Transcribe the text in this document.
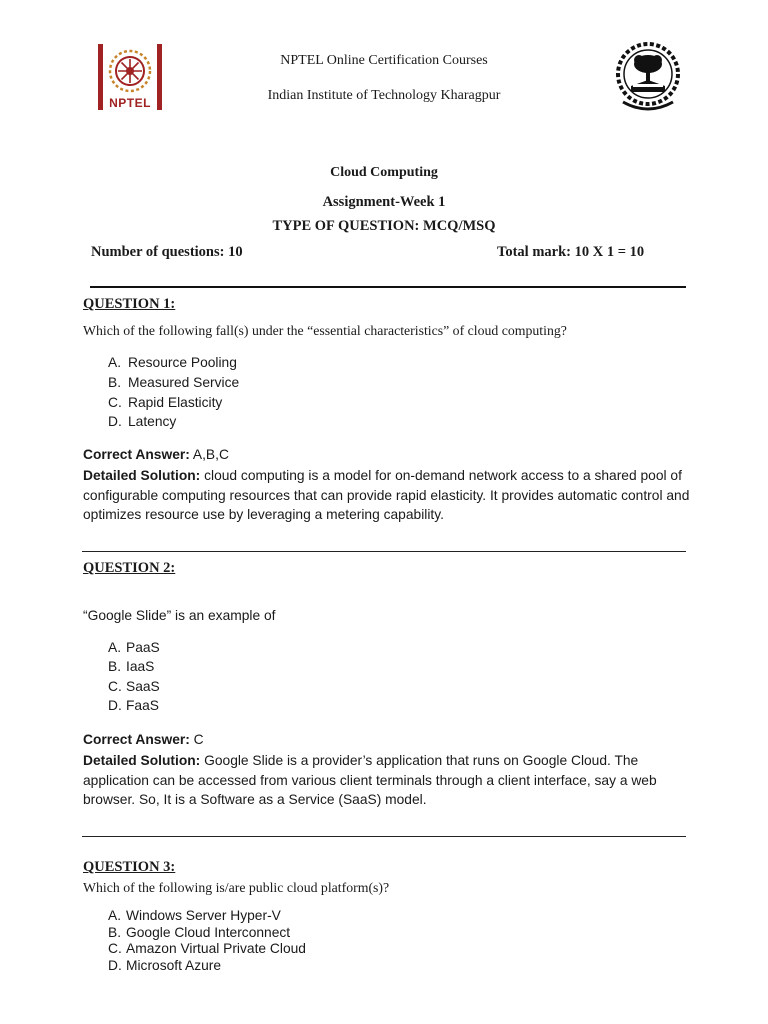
NPTEL
NPTEL Online Certification Courses
Indian Institute of Technology Kharagpur
Cloud Computing
Assignment-Week 1
TYPE OF QUESTION: MCQ/MSQ
Number of questions: 10	Total mark: 10 X 1 = 10
QUESTION 1:
Which of the following fall(s) under the “essential characteristics” of cloud computing?
A. Resource Pooling
B. Measured Service
C. Rapid Elasticity
D. Latency
Correct Answer: A,B,C
Detailed Solution: cloud computing is a model for on-demand network access to a shared pool of configurable computing resources that can provide rapid elasticity. It provides automatic control and optimizes resource use by leveraging a metering capability.
QUESTION 2:
“Google Slide” is an example of
A. PaaS
B. IaaS
C. SaaS
D. FaaS
Correct Answer: C
Detailed Solution: Google Slide is a provider’s application that runs on Google Cloud. The application can be accessed from various client terminals through a client interface, say a web browser. So, It is a Software as a Service (SaaS) model.
QUESTION 3:
Which of the following is/are public cloud platform(s)?
A. Windows Server Hyper-V
B. Google Cloud Interconnect
C. Amazon Virtual Private Cloud
D. Microsoft Azure
